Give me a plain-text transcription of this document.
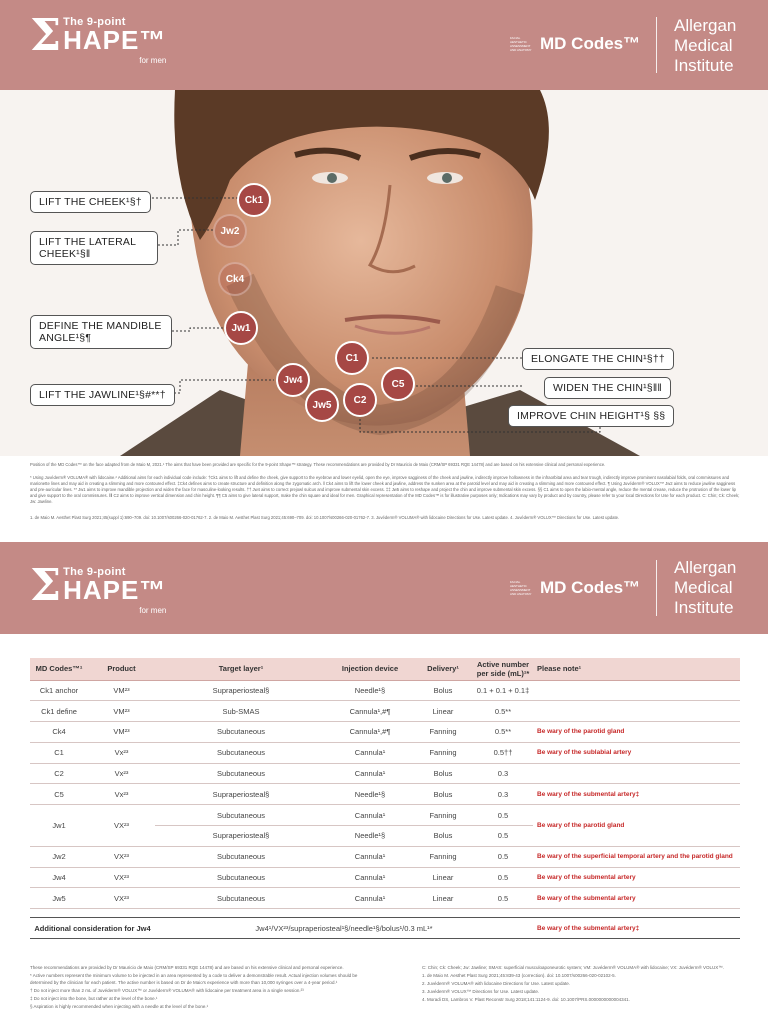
Σ The 9-point
HAPE™
for men
FACIAL AESTHETIC ASSESSMENT AND ANATOMY MD Codes™
Allergan
Medical
Institute
LIFT THE CHEEK¹§†
LIFT THE LATERAL CHEEK¹§‖
DEFINE THE MANDIBLE ANGLE¹§¶
LIFT THE JAWLINE¹§#**†
ELONGATE THE CHIN¹§††
WIDEN THE CHIN¹§‖‖
IMPROVE CHIN HEIGHT¹§ §§
Ck1
Jw2
Ck4
Jw1
Jw4
Jw5
C1
C5
C2
Position of the MD Codes™ on the face adapted from de Maio M, 2021.¹ The aims that have been provided are specific for the 9-point Shape™ strategy. These recommendations are provided by Dr Mauricio de Maio (CRM/SP 69331 RQE 14478) and are based on his extensive clinical and personal experience.
* Using Juvéderm® VOLUMA® with lidocaine.² Additional aims for each individual code include: †Ck1 aims to lift and define the cheek, give support to the eyebrow and lower eyelid, open the eye, improve sagginess of the cheek and jawline, indirectly improve hollowness in the infraorbital area and tear trough, indirectly improve prominent nasolabial folds, oral commissures and marionette lines and may aid in creating a slimming and more contoured effect. ‡Ck4 defines aims to create structure and definition along the zygomatic arch. ‖ Ck4 aims to lift the lower cheek and jawline, address the sunken area at the parotid level and may aid in creating a slimming and more contoured effect. ¶ Using Juvéderm® VOLUX™ Jw2 aims to reduce jawline sagginess and pre-auricular lines. ** Jw1 aims to improve mandible projection and widen the face for masculine-looking results. †† Jw4 aims to correct prejowl sulcus and improve submental skin excess. ‡‡ Jw5 aims to reshape and project the chin and improve submental skin excess. §§ C1 aims to open the labio-mental angle, reduce the mental crease, reduce the protrusion of the lower lip and give support to the oral commissures. ‖‖ C2 aims to improve vertical dimension and chin height. ¶¶ C5 aims to give lateral support, make the chin square and ideal for men. Graphical representation of the MD Codes™ is for illustrative purposes only; Indications may vary by product and by country, please refer to your local Directions for Use for each product. C: Chin; Ck: Cheek; Jw: Jawline.
1. de Maio M. Aesthet Plast Surg 2021;45(suppl 1):690–709. doi: 10.1007/s00266-020-01762-7. 2. de Maio M. Aesthet Plast Surg 2021;45:690–709. doi: 10.1007/s00266-020-01762-7. 3. Juvéderm® VOLUMA® with lidocaine Directions for Use. Latest update. 4. Juvéderm® VOLUX™ Directions for Use. Latest update.
Σ The 9-point
HAPE™
for men
FACIAL AESTHETIC ASSESSMENT AND ANATOMY MD Codes™
Allergan
Medical
Institute
MD Codes™¹	Product	Target layer¹	Injection device	Delivery¹	Active number per side (mL)¹*	Please note¹
Ck1 anchor	VM²³	Supraperiosteal§	Needle¹§	Bolus	0.1 + 0.1 + 0.1‡	
Ck1 define	VM²³	Sub-SMAS	Cannula¹,#¶	Linear	0.5**	
Ck4	VM²³	Subcutaneous	Cannula¹,#¶	Fanning	0.5**	Be wary of the parotid gland
C1	Vx²³	Subcutaneous	Cannula¹	Fanning	0.5††	Be wary of the sublabial artery
C2	Vx²³	Subcutaneous	Cannula¹	Bolus	0.3	
C5	Vx²³	Supraperiosteal§	Needle¹§	Bolus	0.3	Be wary of the submental artery‡
Jw1	VX²³	Subcutaneous	Cannula¹	Fanning	0.5	Be wary of the parotid gland
		Supraperiosteal§	Needle¹§	Bolus	0.5	
Jw2	VX²³	Subcutaneous	Cannula¹	Fanning	0.5	Be wary of the superficial temporal artery and the parotid gland
Jw4	VX²³	Subcutaneous	Cannula¹	Linear	0.5	Be wary of the submental artery
Jw5	VX²³	Subcutaneous	Cannula¹	Linear	0.5	Be wary of the submental artery
Additional consideration for Jw4	Jw4¹/VX²³/supraperiosteal¹§/needle¹§/bolus¹/0.3 mL¹*	Be wary of the submental artery‡

These recommendations are provided by Dr Mauricio de Maio (CRM/SP 69331 RQE 14478) and are based on his extensive clinical and personal experience.

* Active numbers represent the minimum volume to be injected in an area represented by a code to deliver a demonstrable result. Actual injection volumes should be determined by the clinician for each patient. The active number is based on Dr de Maio's experience with more than 10,000 syringes over a 4-year period.¹

† Do not inject more than 2 mL of Juvéderm® VOLUX™ or Juvéderm® VOLUMA® with lidocaine per treatment area in a single session.²³

‡ Do not inject into the bone, but rather at the level of the bone.¹

§ Aspiration is highly recommended when injecting with a needle at the level of the bone.¹

C: Chin; Ck: Cheek; Jw: Jawline; SMAS: superficial musculoaponeurotic system; VM: Juvéderm® VOLUMA® with lidocaine; VX: Juvéderm® VOLUX™.

1. de Maio M. Aesthet Plast Surg 2021;45:839-43 (correction). doi: 10.1007/s00266-020-02102-5.

2. Juvéderm® VOLUMA® with lidocaine Directions for Use. Latest update.

3. Juvéderm® VOLUX™ Directions for Use. Latest update.

4. Moradi DS, Lambros V. Plast Reconstr Surg 2018;141:1124-9. doi: 10.1007/PRS.0000000000004341.
